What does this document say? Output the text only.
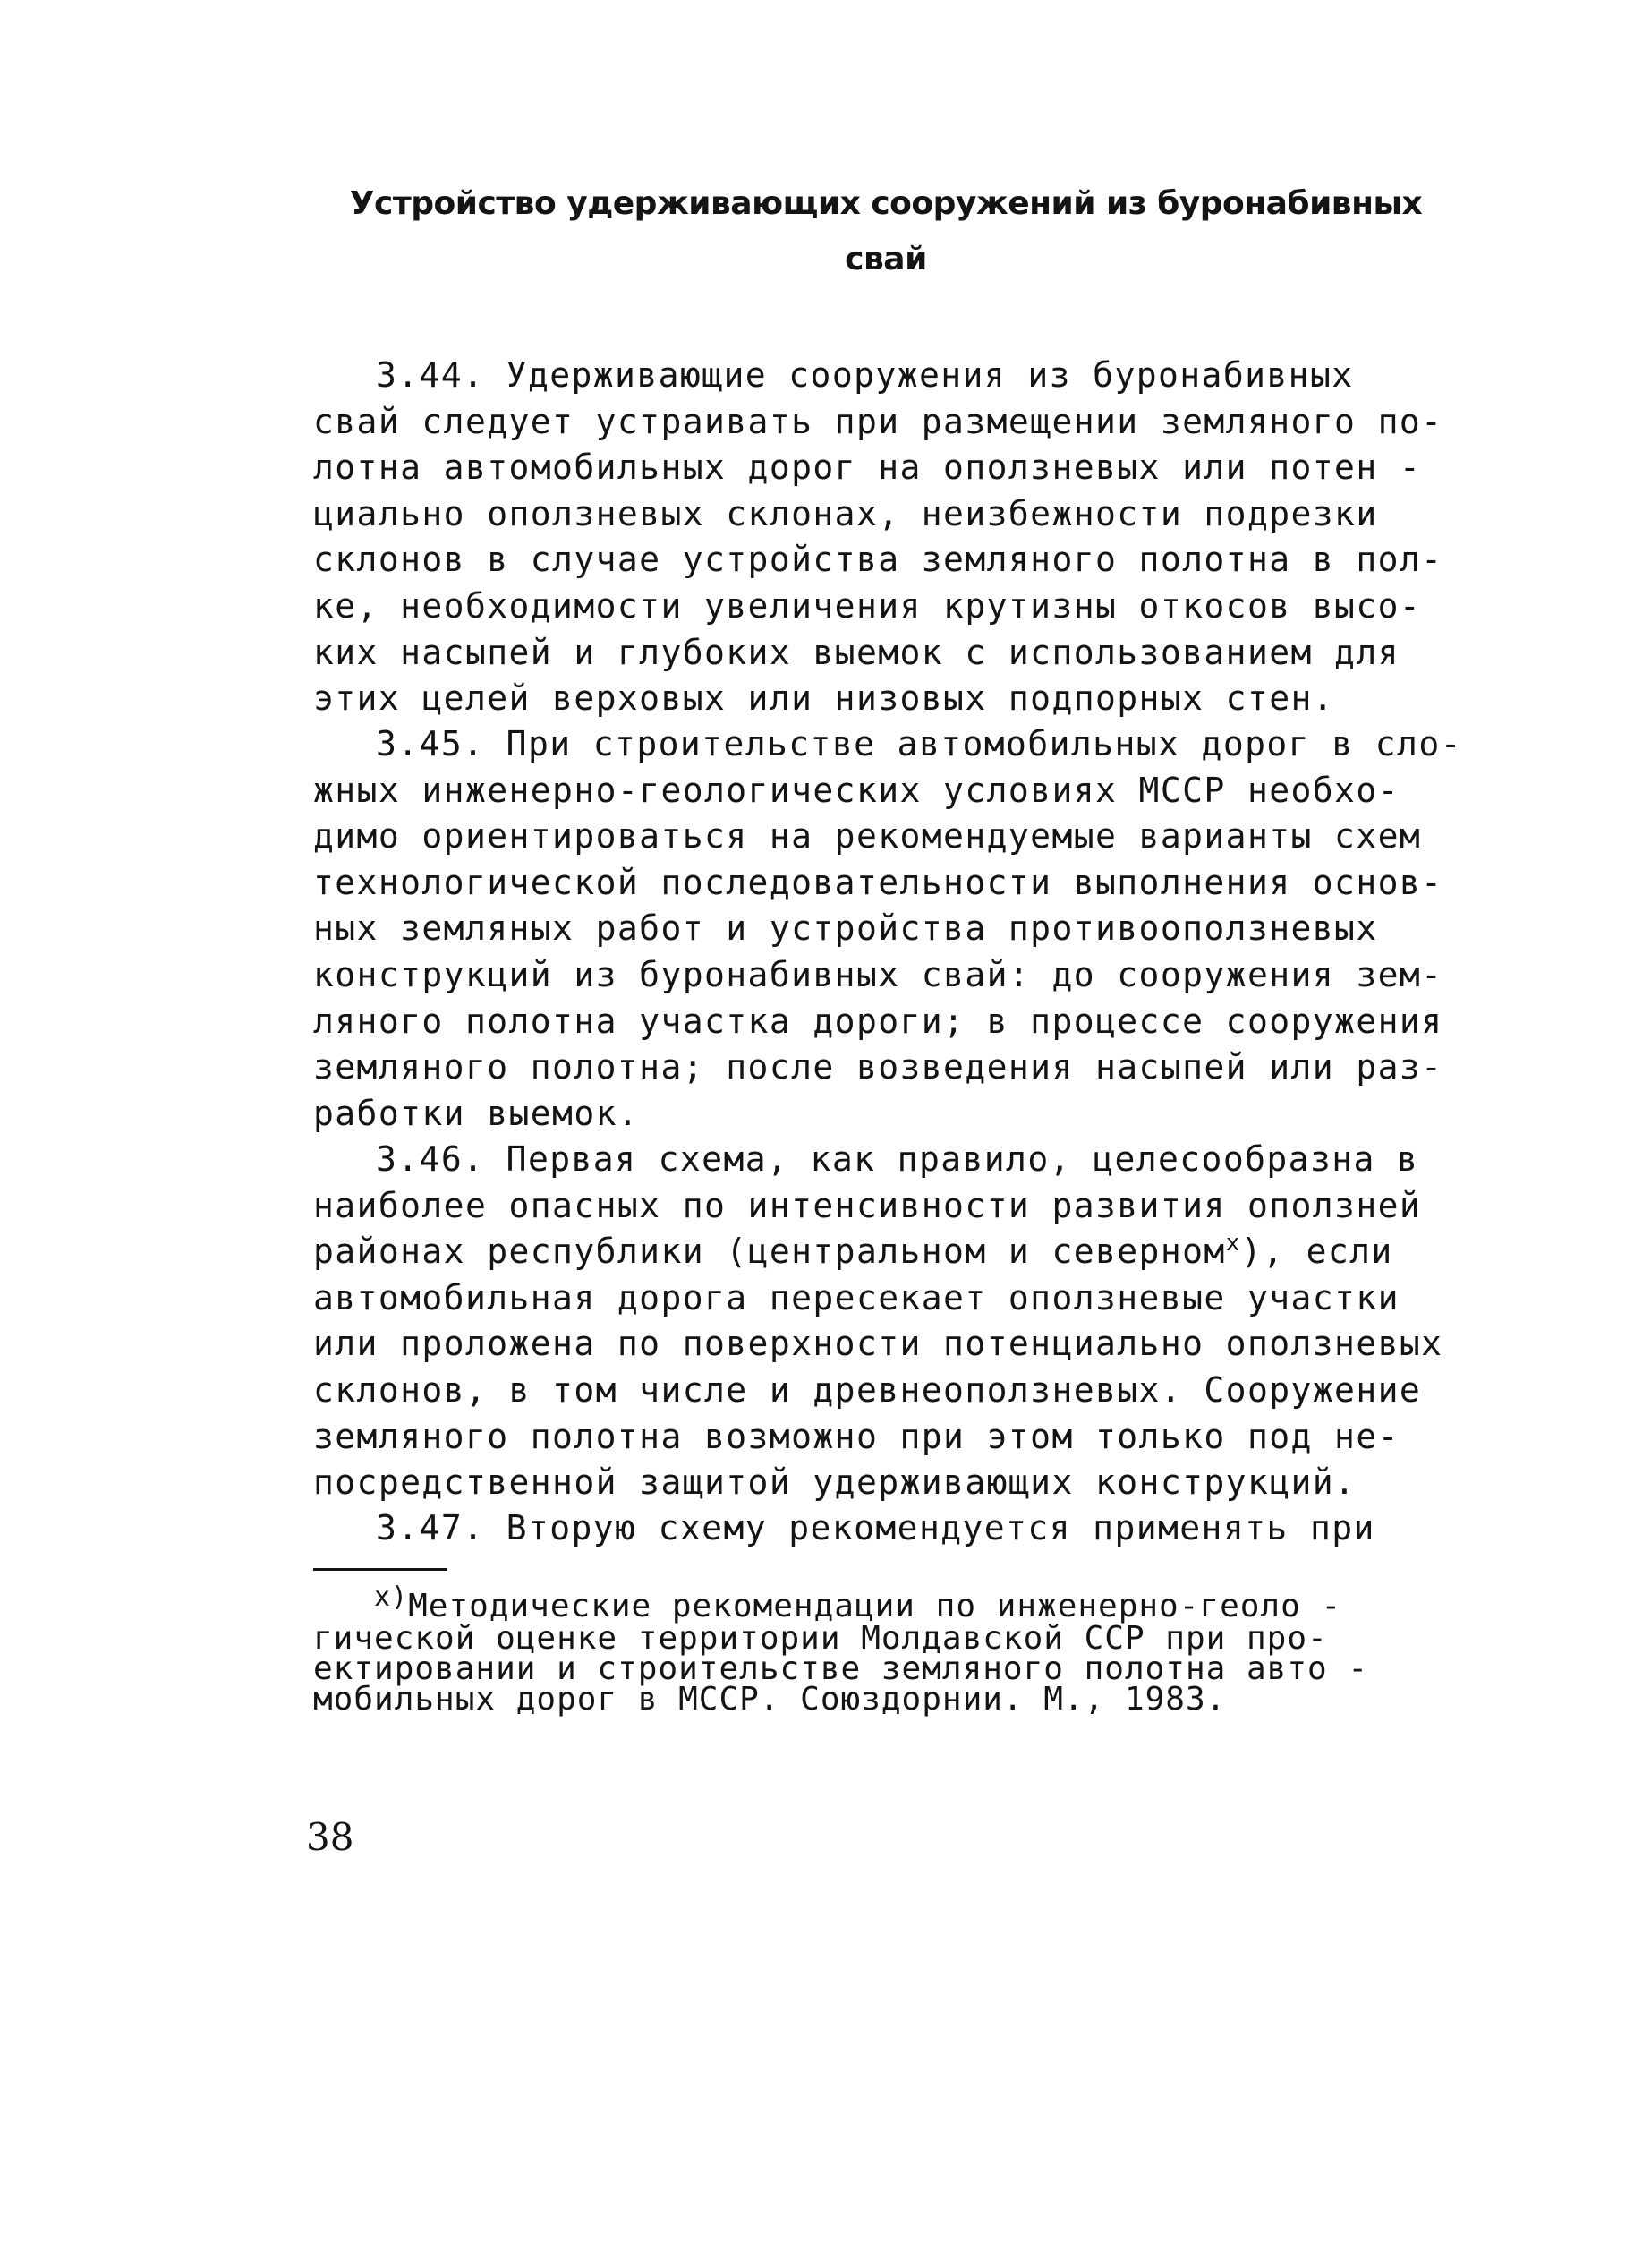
Устройство удерживающих сооружений из буронабивных
свай
3.44. Удерживающие сооружения из буронабивных
свай следует устраивать при размещении земляного по-
лотна автомобильных дорог на оползневых или потен -
циально оползневых склонах, неизбежности подрезки
склонов в случае устройства земляного полотна в пол-
ке, необходимости увеличения крутизны откосов высо-
ких насыпей и глубоких выемок с использованием для
этих целей верховых или низовых подпорных стен.
3.45. При строительстве автомобильных дорог в сло-
жных инженерно-геологических условиях МССР необхо-
димо ориентироваться на рекомендуемые варианты схем
технологической последовательности выполнения основ-
ных земляных работ и устройства противооползневых
конструкций из буронабивных свай: до сооружения зем-
ляного полотна участка дороги; в процессе сооружения
земляного полотна; после возведения насыпей или раз-
работки выемок.
3.46. Первая схема, как правило, целесообразна в
наиболее опасных по интенсивности развития оползней
районах республики (центральном и северном$^x$), если
автомобильная дорога пересекает оползневые участки
или проложена по поверхности потенциально оползневых
склонов, в том числе и древнеоползневых. Сооружение
земляного полотна возможно при этом только под не-
посредственной защитой удерживающих конструкций.
3.47. Вторую схему рекомендуется применять при
x)Методические рекомендации по инженерно-геоло -
гической оценке территории Молдавской ССР при про-
ектировании и строительстве земляного полотна авто -
мобильных дорог в МССР. Союздорнии. М., 1983.
38
